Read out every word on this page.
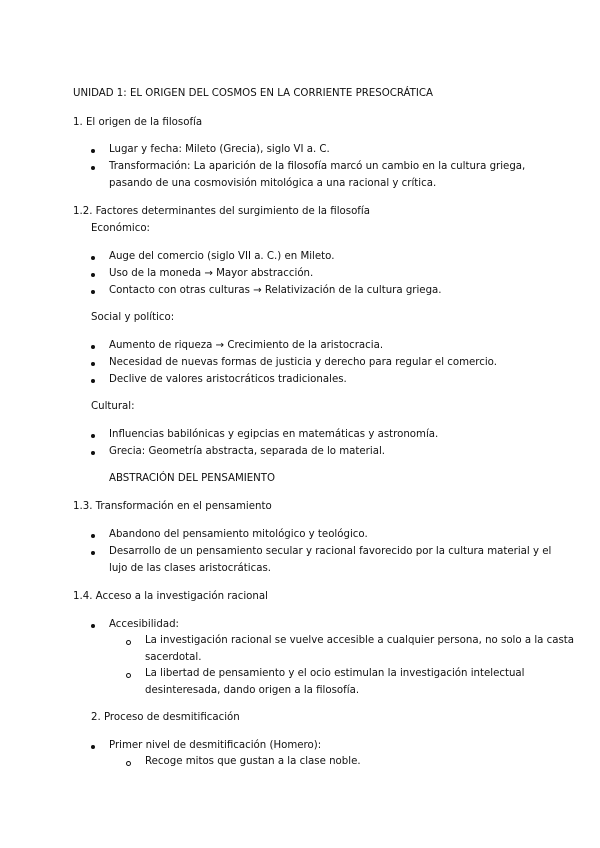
UNIDAD 1: EL ORIGEN DEL COSMOS EN LA CORRIENTE PRESOCRÁTICA
1. El origen de la filosofía
Lugar y fecha: Mileto (Grecia), siglo VI a. C.
Transformación: La aparición de la filosofía marcó un cambio en la cultura griega,
pasando de una cosmovisión mitológica a una racional y crítica.
1.2. Factores determinantes del surgimiento de la filosofía
Económico:
Auge del comercio (siglo VII a. C.) en Mileto.
Uso de la moneda → Mayor abstracción.
Contacto con otras culturas → Relativización de la cultura griega.
Social y político:
Aumento de riqueza → Crecimiento de la aristocracia.
Necesidad de nuevas formas de justicia y derecho para regular el comercio.
Declive de valores aristocráticos tradicionales.
Cultural:
Influencias babilónicas y egipcias en matemáticas y astronomía.
Grecia: Geometría abstracta, separada de lo material.
ABSTRACIÓN DEL PENSAMIENTO
1.3. Transformación en el pensamiento
Abandono del pensamiento mitológico y teológico.
Desarrollo de un pensamiento secular y racional favorecido por la cultura material y el
lujo de las clases aristocráticas.
1.4. Acceso a la investigación racional
Accesibilidad:
La investigación racional se vuelve accesible a cualquier persona, no solo a la casta
sacerdotal.
La libertad de pensamiento y el ocio estimulan la investigación intelectual
desinteresada, dando origen a la filosofía.
2. Proceso de desmitificación
Primer nivel de desmitificación (Homero):
Recoge mitos que gustan a la clase noble.
